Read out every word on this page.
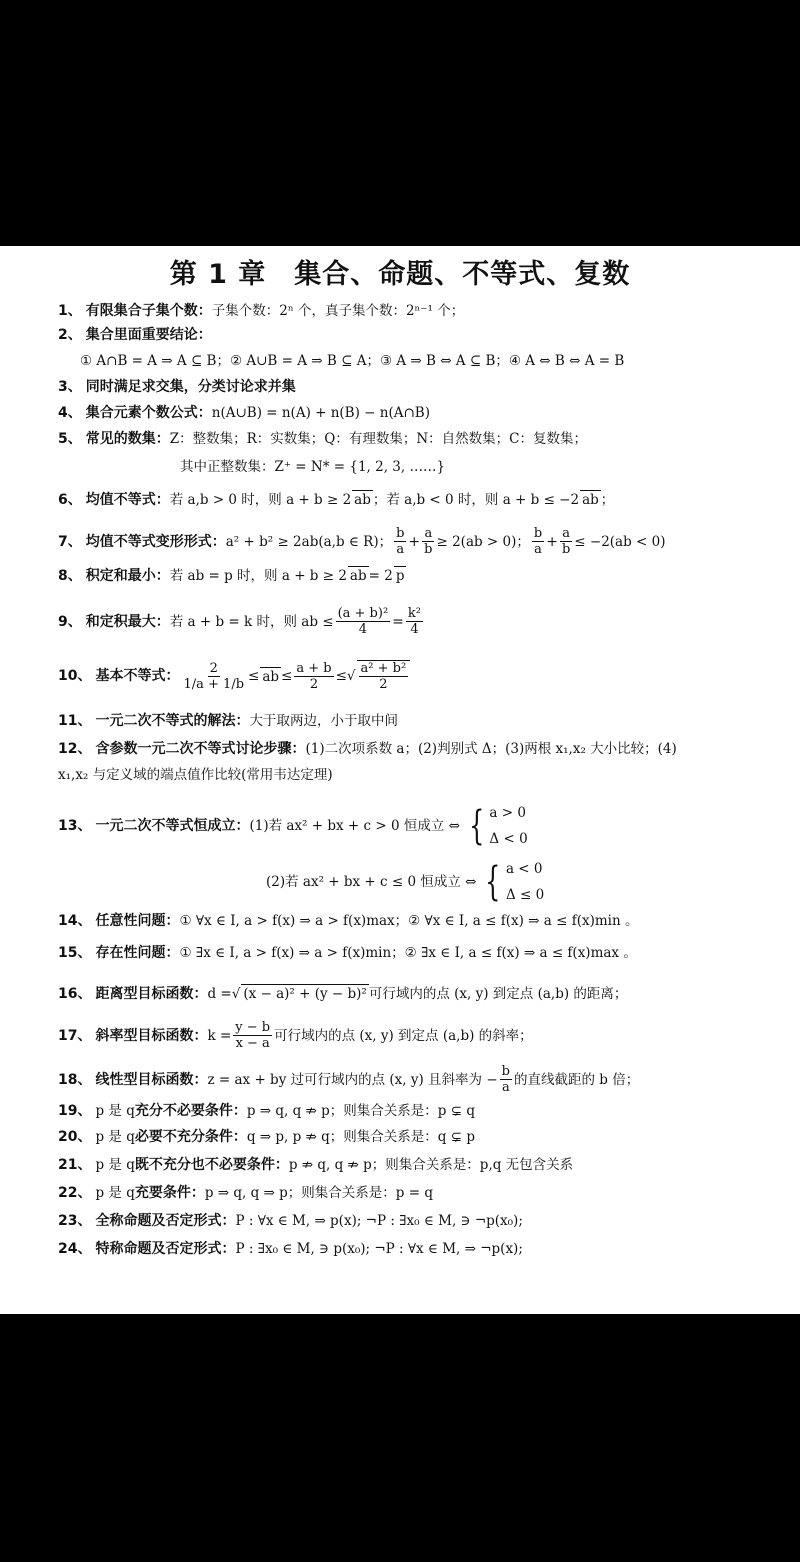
第 1 章　集合、命题、不等式、复数
1、 有限集合子集个数： 子集个数：2ⁿ 个，真子集个数：2ⁿ⁻¹ 个；
2、 集合里面重要结论：
① A∩B = A ⇒ A ⊆ B；② A∪B = A ⇒ B ⊆ A；③ A ⇒ B ⇔ A ⊆ B；④ A ⇔ B ⇔ A = B
3、 同时满足求交集，分类讨论求并集
4、 集合元素个数公式： n(A∪B) = n(A) + n(B) − n(A∩B)
5、 常见的数集： Z：整数集；R：实数集；Q：有理数集；N：自然数集；C：复数集；
其中正整数集：Z⁺ = N* = {1, 2, 3, ……}
6、 均值不等式： 若 a,b > 0 时，则 a + b ≥ 2 ab ；若 a,b < 0 时，则 a + b ≤ −2 ab ；
7、 均值不等式变形形式： a² + b² ≥ 2ab(a,b ∈ R)； $\frac{b}{a} + \frac{a}{b} \ge 2(ab > 0)$； $\frac{b}{a} + \frac{a}{b} \le -2(ab < 0)$
8、 积定和最小： 若 ab = p 时，则 a + b ≥ 2 ab = 2 p
9、 和定积最大： 若 a + b = k 时，则 ab ≤ $\frac{\text{(a + b)²}}{4} = \frac{\text{k²}}{4}$
10、 基本不等式： $\frac{2}{1/a + 1/b}$ ≤ ab ≤ $\frac{a + b}{2}$ ≤√ $\frac{\text{a² + b²}}{2}$
11、 一元二次不等式的解法： 大于取两边，小于取中间
12、 含参数一元二次不等式讨论步骤： (1)二次项系数 a；(2)判别式 Δ；(3)两根 x₁,x₂ 大小比较；(4)
x₁,x₂ 与定义域的端点值作比较(常用韦达定理)
13、 一元二次不等式恒成立： (1)若 ax² + bx + c > 0 恒成立 ⇔ { a > 0
Δ < 0
(2)若 ax² + bx + c ≤ 0 恒成立 ⇔ { a < 0
Δ ≤ 0
14、 任意性问题： ① ∀x ∈ I, a > f(x) ⇒ a > f(x)max；② ∀x ∈ I, a ≤ f(x) ⇒ a ≤ f(x)min 。
15、 存在性问题： ① ∃x ∈ I, a > f(x) ⇒ a > f(x)min；② ∃x ∈ I, a ≤ f(x) ⇒ a ≤ f(x)max 。
16、 距离型目标函数： d = √ (x − a)² + (y − b)² 可行域内的点 (x, y) 到定点 (a,b) 的距离；
17、 斜率型目标函数： $k = \frac{y - b}{x - a}$ 可行域内的点 (x, y) 到定点 (a,b) 的斜率；
18、 线性型目标函数： z = ax + by 过可行域内的点 (x, y) 且斜率为 − $\frac{b}{a}$ 的直线截距的 b 倍；
19、 p 是 q 充分不必要条件： p ⇒ q, q ⇏ p；则集合关系是：p ⊊ q
20、 p 是 q 必要不充分条件： q ⇒ p, p ⇏ q；则集合关系是：q ⊊ p
21、 p 是 q 既不充分也不必要条件： p ⇏ q, q ⇏ p；则集合关系是：p,q 无包含关系
22、 p 是 q 充要条件： p ⇒ q, q ⇒ p；则集合关系是：p = q
23、 全称命题及否定形式： P : ∀x ∈ M, ⇒ p(x); ¬P : ∃x₀ ∈ M, ∋ ¬p(x₀);
24、 特称命题及否定形式： P : ∃x₀ ∈ M, ∋ p(x₀); ¬P : ∀x ∈ M, ⇒ ¬p(x);
